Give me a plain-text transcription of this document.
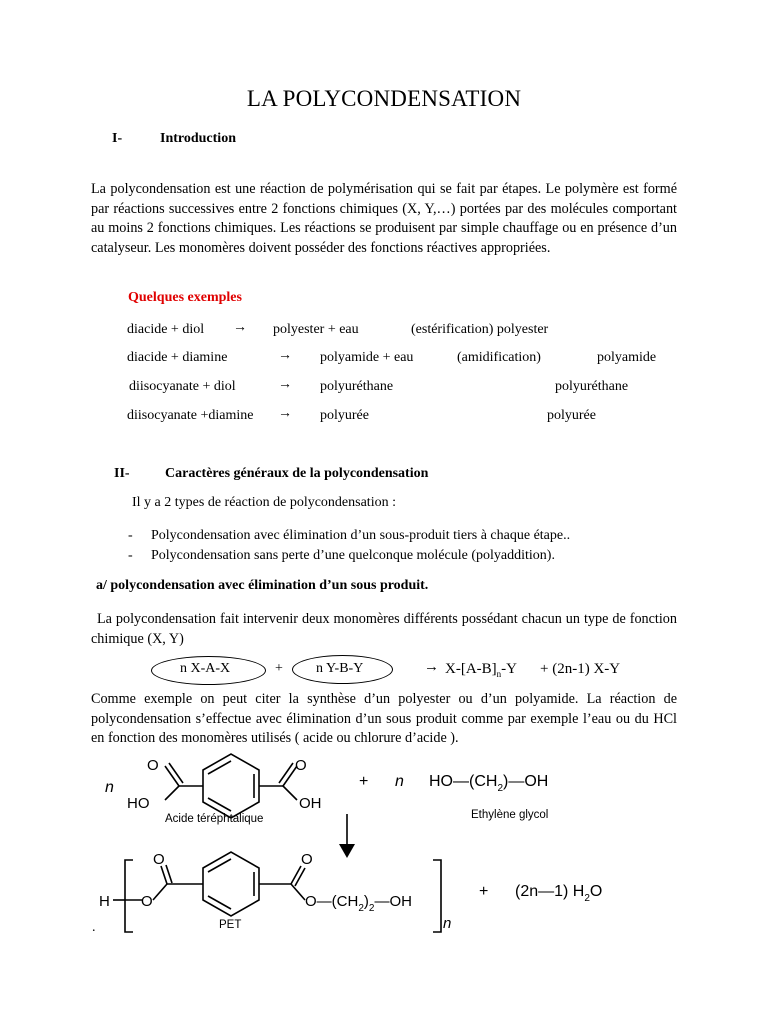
LA POLYCONDENSATION
I-	Introduction
La polycondensation est une réaction de polymérisation qui se fait par étapes. Le polymère est formé par réactions successives entre 2 fonctions chimiques (X, Y,…) portées par des molécules comportant au moins 2 fonctions chimiques. Les réactions se produisent par simple chauffage ou en présence d’un catalyseur. Les monomères doivent posséder des fonctions réactives appropriées.
Quelques exemples
diacide + diol → polyester + eau	(estérification) polyester
diacide + diamine	→ polyamide + eau	(amidification)	polyamide
diisocyanate + diol	→ polyuréthane	polyuréthane
diisocyanate +diamine → polyurée	polyurée
II-	Caractères généraux de la polycondensation
Il y a 2 types de réaction de polycondensation :
- Polycondensation avec élimination d’un sous-produit tiers à chaque étape..
- Polycondensation sans perte d’une quelconque molécule (polyaddition).
a/ polycondensation avec élimination d’un sous produit.
La polycondensation fait intervenir deux monomères différents possédant chacun un type de fonction chimique (X, Y)
n X-A-X	+ n Y-B-Y	→ $X-[A-B]_n-Y + (2n-1)$ X-Y
Comme exemple on peut citer la synthèse d’un polyester ou d’un polyamide. La réaction de polycondensation s’effectue avec élimination d’un sous produit comme par exemple l’eau ou du HCl en fonction des monomères utilisés ( acide ou chlorure d’acide ).
n
O
HO
O
OH
+ n $HO—(CH_2)—OH$
Acide téréphtalique	Ethylène glycol
H O
O	O
$O—(CH_2)_2—OH$
n
PET
+ (2n—1) $H_2O$
.
